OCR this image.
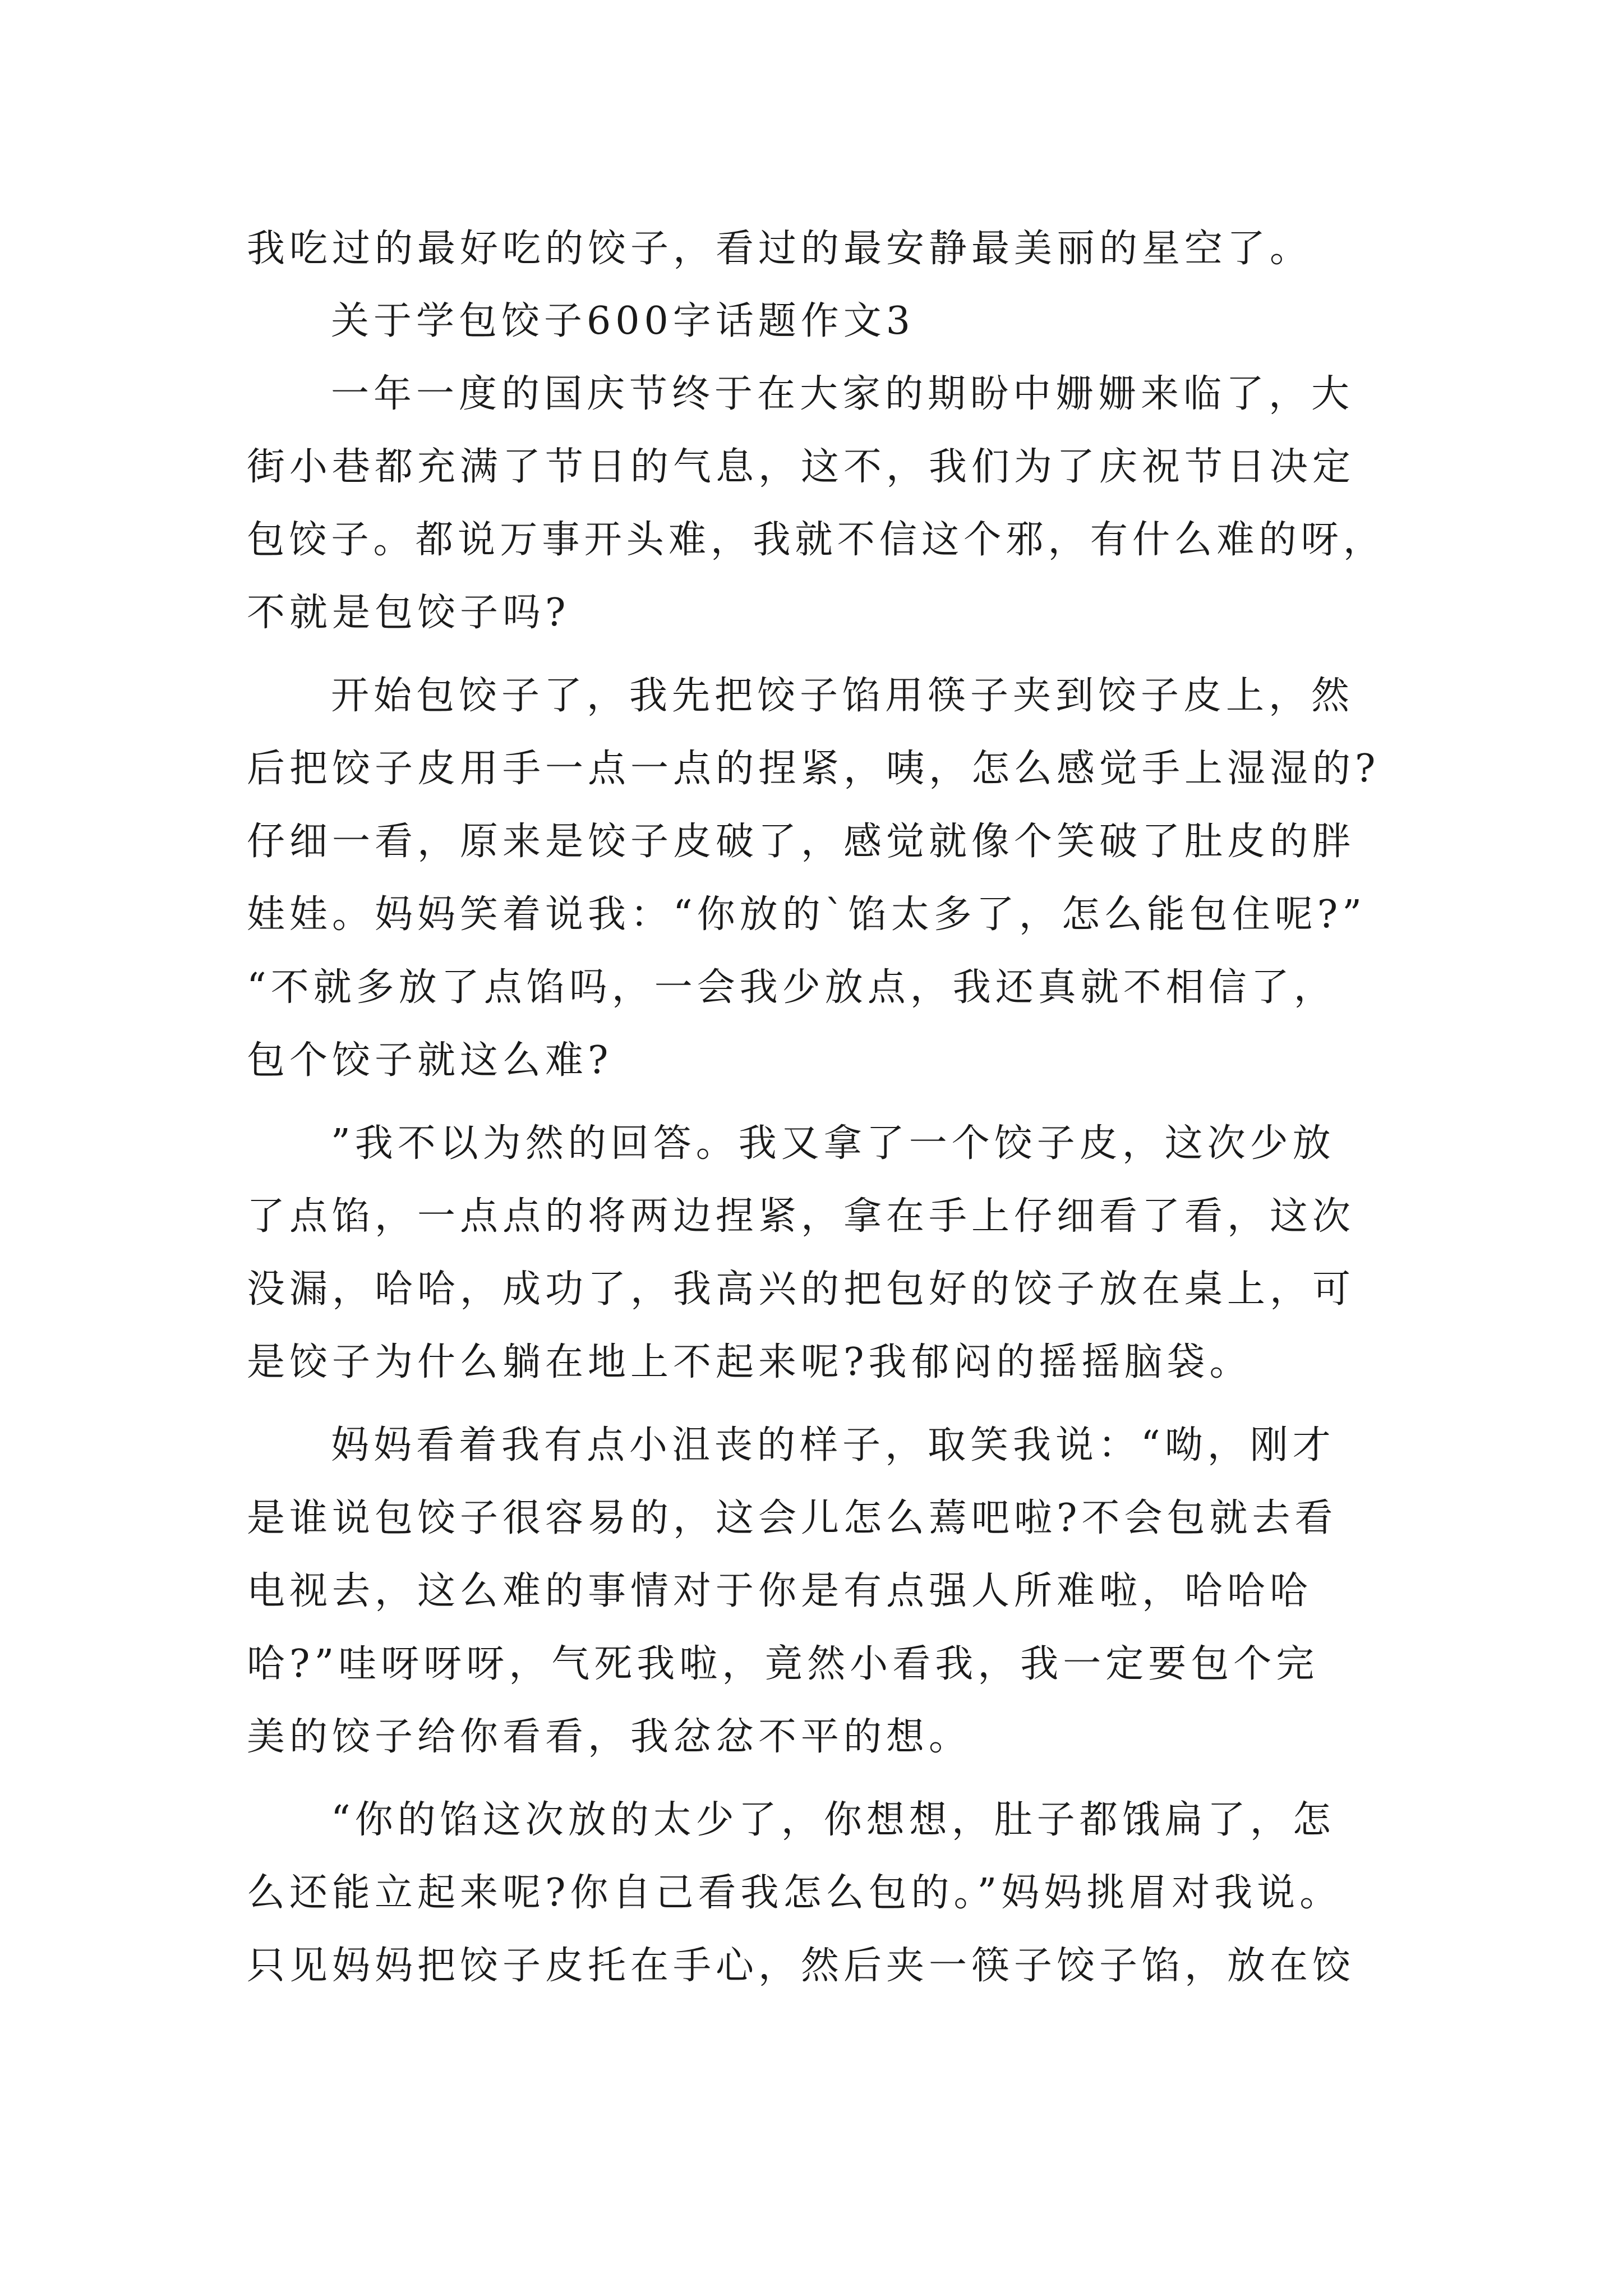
我吃过的最好吃的饺子，看过的最安静最美丽的星空了。
关于学包饺子600字话题作文3
一年一度的国庆节终于在大家的期盼中姗姗来临了，大
街小巷都充满了节日的气息，这不，我们为了庆祝节日决定
包饺子。都说万事开头难，我就不信这个邪，有什么难的呀，
不就是包饺子吗?
开始包饺子了，我先把饺子馅用筷子夹到饺子皮上，然
后把饺子皮用手一点一点的捏紧，咦，怎么感觉手上湿湿的?
仔细一看，原来是饺子皮破了，感觉就像个笑破了肚皮的胖
娃娃。妈妈笑着说我：“你放的`馅太多了，怎么能包住呢?”
“不就多放了点馅吗，一会我少放点，我还真就不相信了，
包个饺子就这么难?
”我不以为然的回答。我又拿了一个饺子皮，这次少放
了点馅，一点点的将两边捏紧，拿在手上仔细看了看，这次
没漏，哈哈，成功了，我高兴的把包好的饺子放在桌上，可
是饺子为什么躺在地上不起来呢?我郁闷的摇摇脑袋。
妈妈看着我有点小沮丧的样子，取笑我说：“呦，刚才
是谁说包饺子很容易的，这会儿怎么蔫吧啦?不会包就去看
电视去，这么难的事情对于你是有点强人所难啦，哈哈哈
哈?”哇呀呀呀，气死我啦，竟然小看我，我一定要包个完
美的饺子给你看看，我忿忿不平的想。
“你的馅这次放的太少了，你想想，肚子都饿扁了，怎
么还能立起来呢?你自己看我怎么包的。”妈妈挑眉对我说。
只见妈妈把饺子皮托在手心，然后夹一筷子饺子馅，放在饺
